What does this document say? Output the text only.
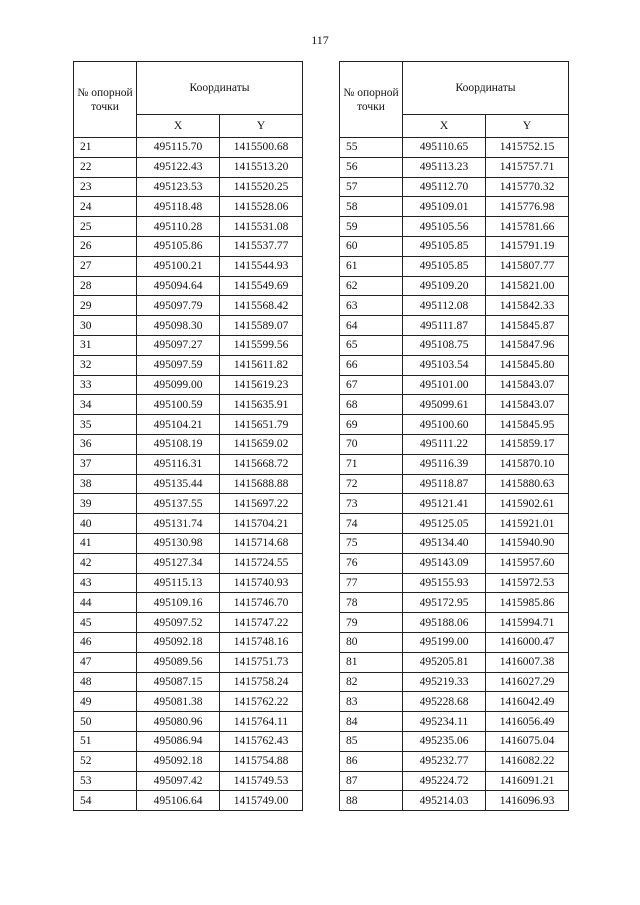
117
№ опорной точки	Координаты	
	X	Y
21	495115.70	1415500.68
22	495122.43	1415513.20
23	495123.53	1415520.25
24	495118.48	1415528.06
25	495110.28	1415531.08
26	495105.86	1415537.77
27	495100.21	1415544.93
28	495094.64	1415549.69
29	495097.79	1415568.42
30	495098.30	1415589.07
31	495097.27	1415599.56
32	495097.59	1415611.82
33	495099.00	1415619.23
34	495100.59	1415635.91
35	495104.21	1415651.79
36	495108.19	1415659.02
37	495116.31	1415668.72
38	495135.44	1415688.88
39	495137.55	1415697.22
40	495131.74	1415704.21
41	495130.98	1415714.68
42	495127.34	1415724.55
43	495115.13	1415740.93
44	495109.16	1415746.70
45	495097.52	1415747.22
46	495092.18	1415748.16
47	495089.56	1415751.73
48	495087.15	1415758.24
49	495081.38	1415762.22
50	495080.96	1415764.11
51	495086.94	1415762.43
52	495092.18	1415754.88
53	495097.42	1415749.53
54	495106.64	1415749.00
№ опорной точки	Координаты	
	X	Y
55	495110.65	1415752.15
56	495113.23	1415757.71
57	495112.70	1415770.32
58	495109.01	1415776.98
59	495105.56	1415781.66
60	495105.85	1415791.19
61	495105.85	1415807.77
62	495109.20	1415821.00
63	495112.08	1415842.33
64	495111.87	1415845.87
65	495108.75	1415847.96
66	495103.54	1415845.80
67	495101.00	1415843.07
68	495099.61	1415843.07
69	495100.60	1415845.95
70	495111.22	1415859.17
71	495116.39	1415870.10
72	495118.87	1415880.63
73	495121.41	1415902.61
74	495125.05	1415921.01
75	495134.40	1415940.90
76	495143.09	1415957.60
77	495155.93	1415972.53
78	495172.95	1415985.86
79	495188.06	1415994.71
80	495199.00	1416000.47
81	495205.81	1416007.38
82	495219.33	1416027.29
83	495228.68	1416042.49
84	495234.11	1416056.49
85	495235.06	1416075.04
86	495232.77	1416082.22
87	495224.72	1416091.21
88	495214.03	1416096.93
